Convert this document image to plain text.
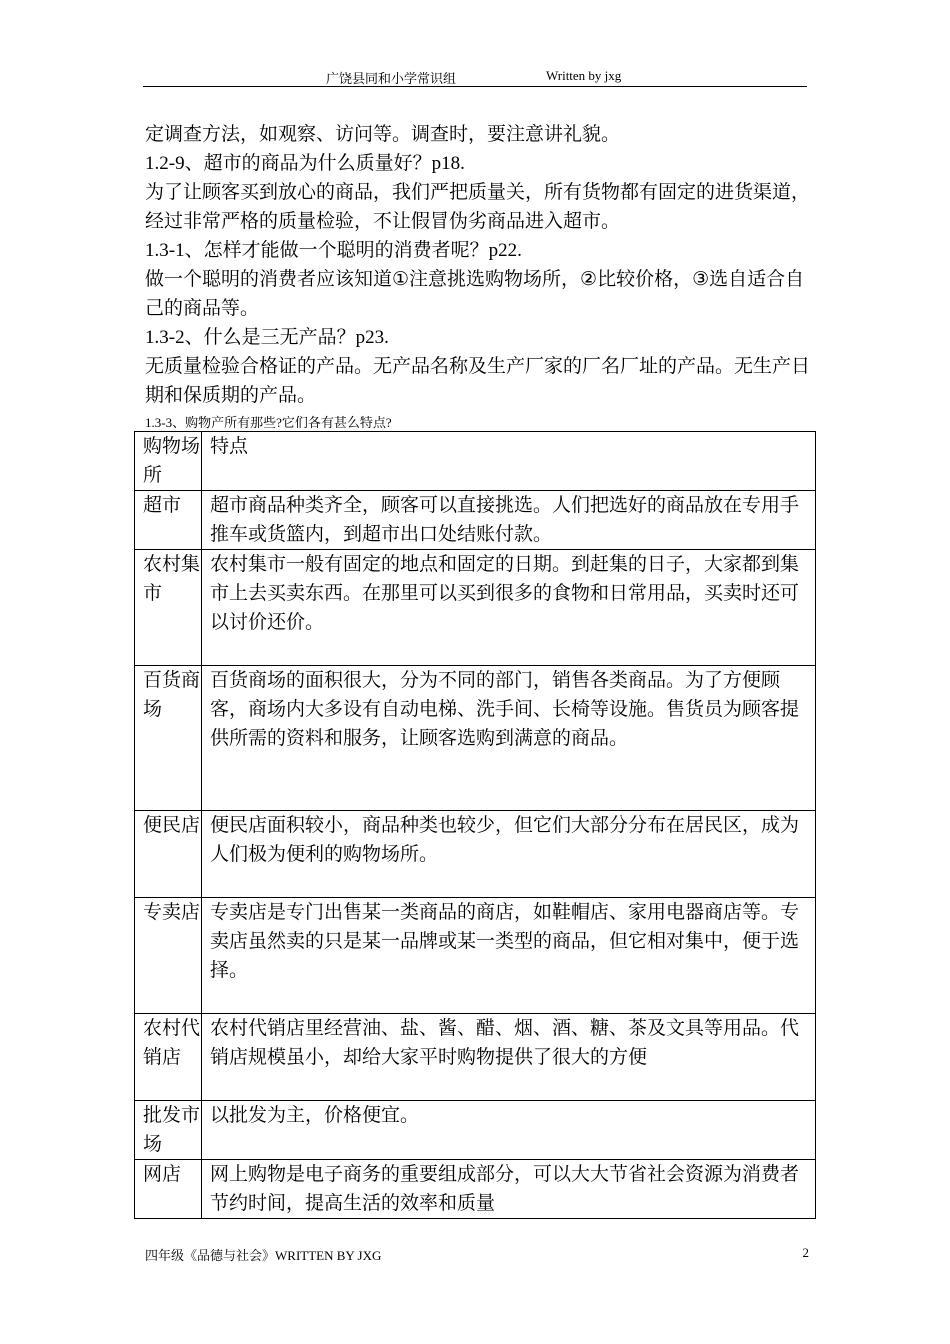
广饶县同和小学常识组	Written by jxg

定调查方法，如观察、访问等。调查时，要注意讲礼貌。

1.2-9、超市的商品为什么质量好？p18.

为了让顾客买到放心的商品，我们严把质量关，所有货物都有固定的进货渠道，经过非常严格的质量检验，不让假冒伪劣商品进入超市。

1.3-1、怎样才能做一个聪明的消费者呢？p22.

做一个聪明的消费者应该知道①注意挑选购物场所，②比较价格，③选自适合自己的商品等。

1.3-2、什么是三无产品？p23.

无质量检验合格证的产品。无产品名称及生产厂家的厂名厂址的产品。无生产日期和保质期的产品。

1.3-3、购物产所有那些?它们各有甚么特点?
购物场所	特点
超市	超市商品种类齐全，顾客可以直接挑选。人们把选好的商品放在专用手推车或货篮内，到超市出口处结账付款。
农村集市	农村集市一般有固定的地点和固定的日期。到赶集的日子，大家都到集市上去买卖东西。在那里可以买到很多的食物和日常用品，买卖时还可以讨价还价。
百货商场	百货商场的面积很大，分为不同的部门，销售各类商品。为了方便顾客，商场内大多设有自动电梯、洗手间、长椅等设施。售货员为顾客提供所需的资料和服务，让顾客选购到满意的商品。
便民店	便民店面积较小，商品种类也较少，但它们大部分分布在居民区，成为人们极为便利的购物场所。
专卖店	专卖店是专门出售某一类商品的商店，如鞋帽店、家用电器商店等。专卖店虽然卖的只是某一品牌或某一类型的商品，但它相对集中，便于选择。
农村代销店	农村代销店里经营油、盐、酱、醋、烟、酒、糖、茶及文具等用品。代销店规模虽小，却给大家平时购物提供了很大的方便
批发市场	以批发为主，价格便宜。
网店	网上购物是电子商务的重要组成部分，可以大大节省社会资源为消费者节约时间，提高生活的效率和质量
四年级《品德与社会》WRITTEN BY JXG	2
